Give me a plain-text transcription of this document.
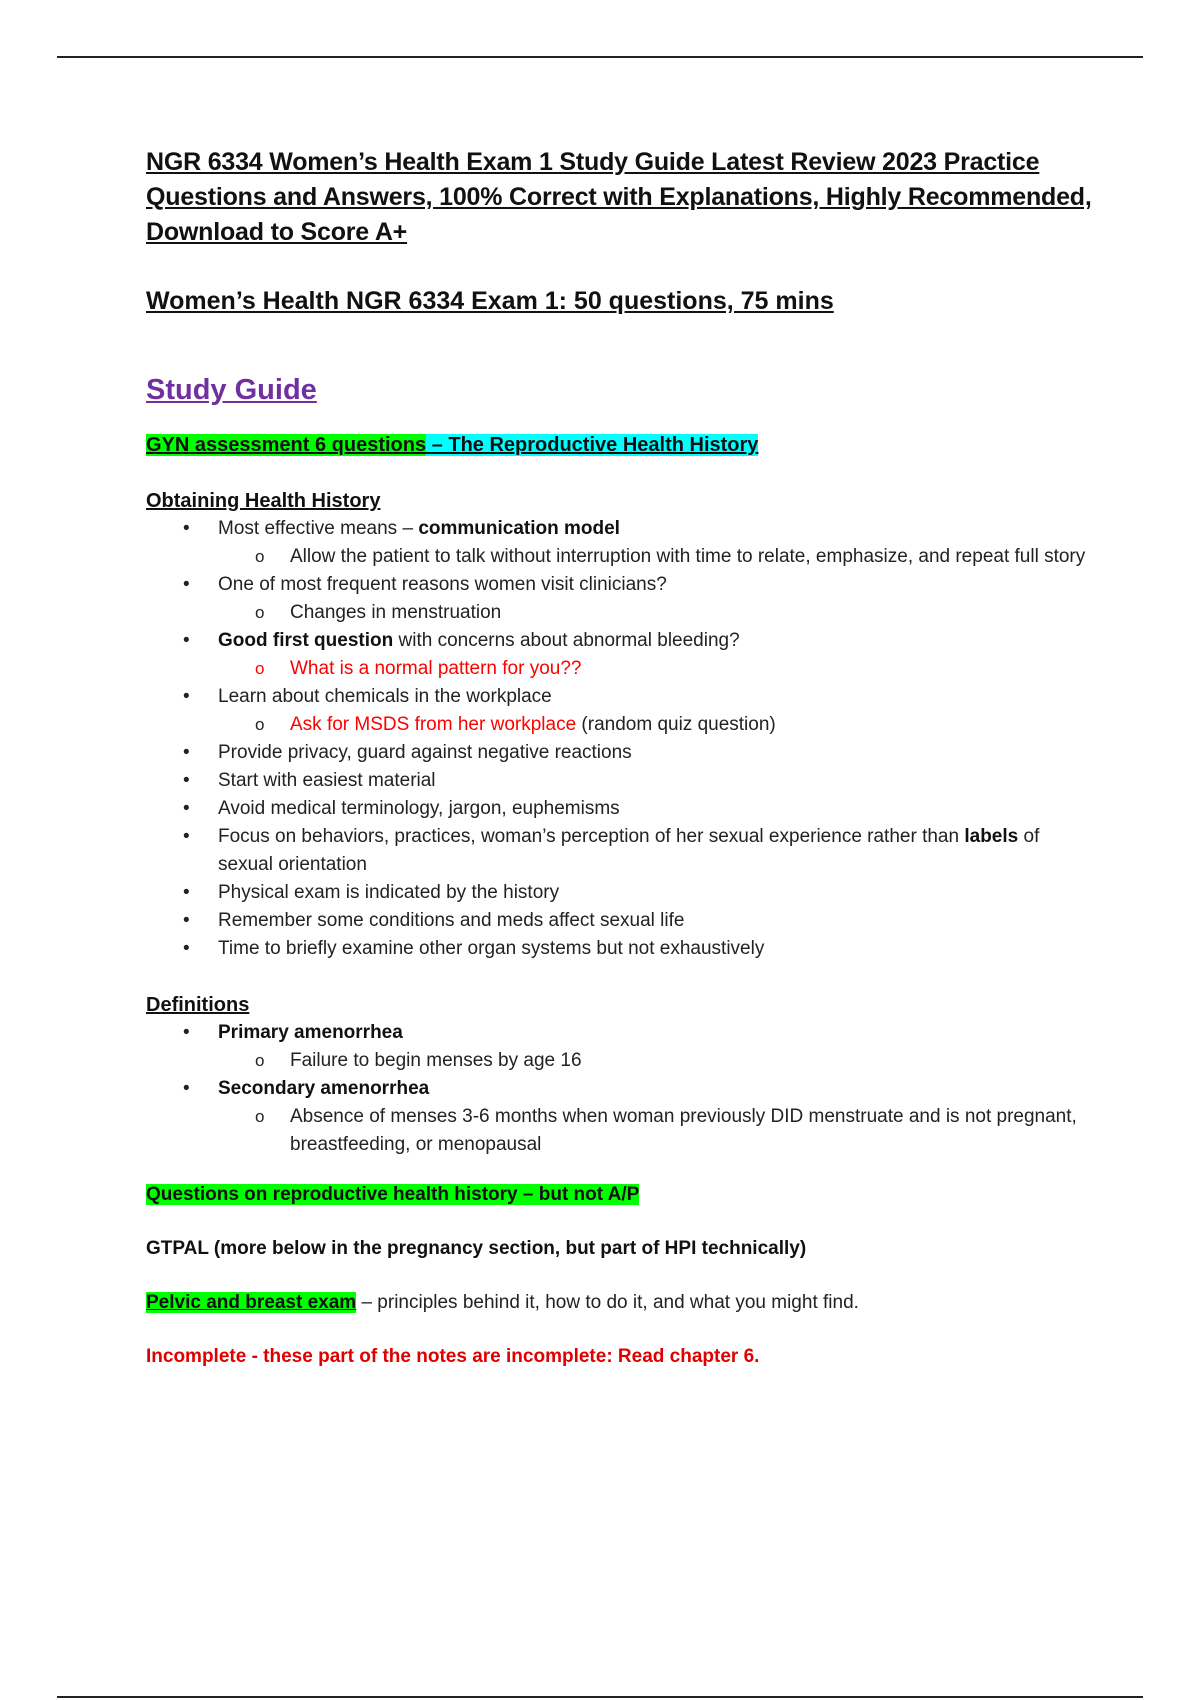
NGR 6334 Women’s Health Exam 1 Study Guide Latest Review 2023 Practice Questions and Answers, 100% Correct with Explanations, Highly Recommended, Download to Score A+

Women’s Health NGR 6334 Exam 1: 50 questions, 75 mins

Study Guide

GYN assessment 6 questions – The Reproductive Health History

Obtaining Health History

• Most effective means – communication model
o Allow the patient to talk without interruption with time to relate, emphasize, and repeat full story
• One of most frequent reasons women visit clinicians?
o Changes in menstruation
• Good first question with concerns about abnormal bleeding?
o What is a normal pattern for you??
• Learn about chemicals in the workplace
o Ask for MSDS from her workplace (random quiz question)
• Provide privacy, guard against negative reactions
• Start with easiest material
• Avoid medical terminology, jargon, euphemisms
• Focus on behaviors, practices, woman’s perception of her sexual experience rather than labels of sexual orientation
• Physical exam is indicated by the history
• Remember some conditions and meds affect sexual life
• Time to briefly examine other organ systems but not exhaustively

Definitions

• Primary amenorrhea
o Failure to begin menses by age 16
• Secondary amenorrhea
o Absence of menses 3-6 months when woman previously DID menstruate and is not pregnant, breastfeeding, or menopausal

Questions on reproductive health history – but not A/P

GTPAL (more below in the pregnancy section, but part of HPI technically)

Pelvic and breast exam – principles behind it, how to do it, and what you might find.

Incomplete - these part of the notes are incomplete: Read chapter 6.
